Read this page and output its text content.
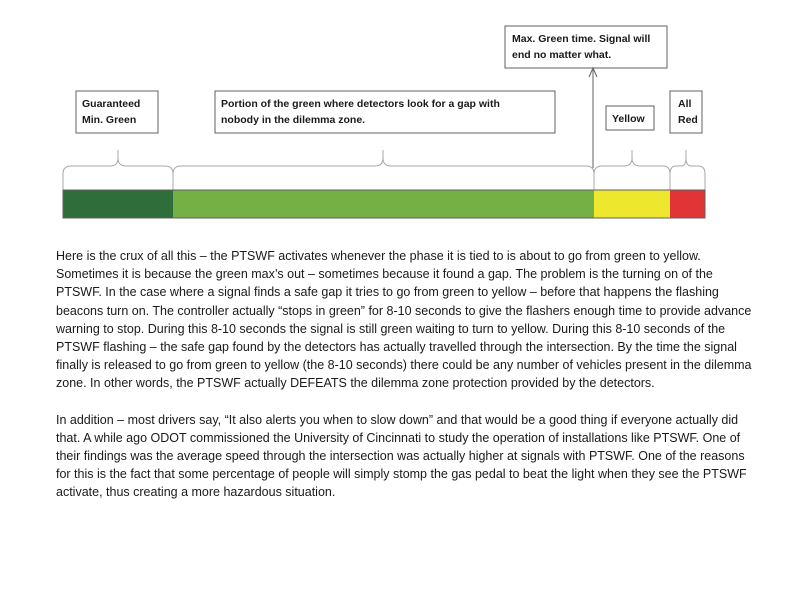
Guaranteed
Min. Green
Portion of the green where detectors look for a gap with
nobody in the dilemma zone.
Max. Green time. Signal will
end no matter what.
Yellow
All
Red

Here is the crux of all this – the PTSWF activates whenever the phase it is tied to is about to go from green to yellow. Sometimes it is because the green max’s out – sometimes because it found a gap. The problem is the turning on of the PTSWF. In the case where a signal finds a safe gap it tries to go from green to yellow – before that happens the flashing beacons turn on. The controller actually “stops in green” for 8-10 seconds to give the flashers enough time to provide advance warning to stop. During this 8-10 seconds the signal is still green waiting to turn to yellow. During this 8-10 seconds of the PTSWF flashing – the safe gap found by the detectors has actually travelled through the intersection. By the time the signal finally is released to go from green to yellow (the 8-10 seconds) there could be any number of vehicles present in the dilemma zone. In other words, the PTSWF actually DEFEATS the dilemma zone protection provided by the detectors.

In addition – most drivers say, “It also alerts you when to slow down” and that would be a good thing if everyone actually did that. A while ago ODOT commissioned the University of Cincinnati to study the operation of installations like PTSWF. One of their findings was the average speed through the intersection was actually higher at signals with PTSWF. One of the reasons for this is the fact that some percentage of people will simply stomp the gas pedal to beat the light when they see the PTSWF activate, thus creating a more hazardous situation.
